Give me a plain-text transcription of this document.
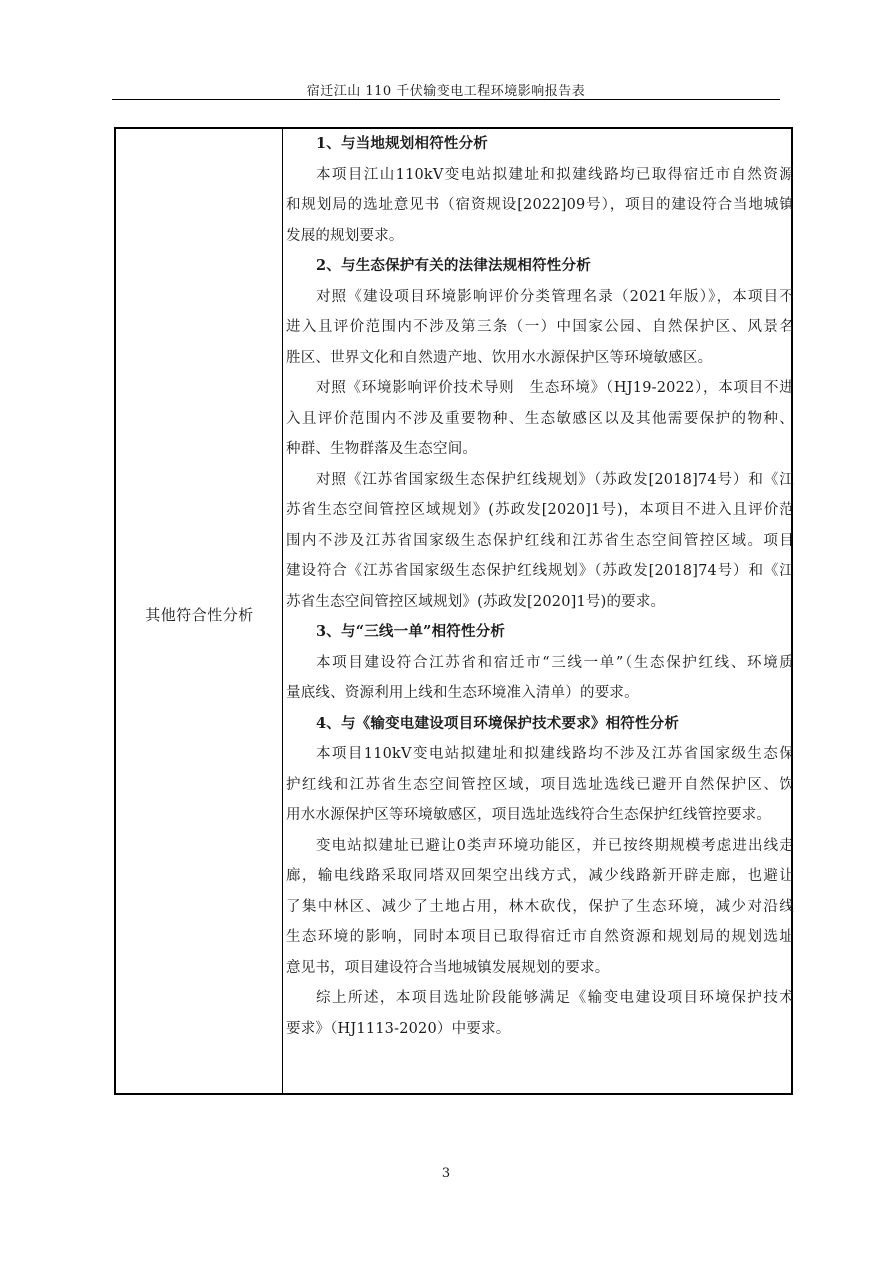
宿迁江山 110 千伏输变电工程环境影响报告表
其他符合性分析
1、与当地规划相符性分析
本项目江山110kV变电站拟建址和拟建线路均已取得宿迁市自然资源
和规划局的选址意见书（宿资规设[2022]09号），项目的建设符合当地城镇
发展的规划要求。
2、与生态保护有关的法律法规相符性分析
对照《建设项目环境影响评价分类管理名录（2021年版）》，本项目不
进入且评价范围内不涉及第三条（一）中国家公园、自然保护区、风景名
胜区、世界文化和自然遗产地、饮用水水源保护区等环境敏感区。
对照《环境影响评价技术导则　生态环境》（HJ19-2022），本项目不进
入且评价范围内不涉及重要物种、生态敏感区以及其他需要保护的物种、
种群、生物群落及生态空间。
对照《江苏省国家级生态保护红线规划》（苏政发[2018]74号）和《江
苏省生态空间管控区域规划》(苏政发[2020]1号)，本项目不进入且评价范
围内不涉及江苏省国家级生态保护红线和江苏省生态空间管控区域。项目
建设符合《江苏省国家级生态保护红线规划》（苏政发[2018]74号）和《江
苏省生态空间管控区域规划》(苏政发[2020]1号)的要求。
3、与“三线一单”相符性分析
本项目建设符合江苏省和宿迁市“三线一单”（生态保护红线、环境质
量底线、资源利用上线和生态环境准入清单）的要求。
4、与《输变电建设项目环境保护技术要求》相符性分析
本项目110kV变电站拟建址和拟建线路均不涉及江苏省国家级生态保
护红线和江苏省生态空间管控区域，项目选址选线已避开自然保护区、饮
用水水源保护区等环境敏感区，项目选址选线符合生态保护红线管控要求。
变电站拟建址已避让0类声环境功能区，并已按终期规模考虑进出线走
廊，输电线路采取同塔双回架空出线方式，减少线路新开辟走廊，也避让
了集中林区、减少了土地占用，林木砍伐，保护了生态环境，减少对沿线
生态环境的影响，同时本项目已取得宿迁市自然资源和规划局的规划选址
意见书，项目建设符合当地城镇发展规划的要求。
综上所述，本项目选址阶段能够满足《输变电建设项目环境保护技术
要求》（HJ1113-2020）中要求。
3
